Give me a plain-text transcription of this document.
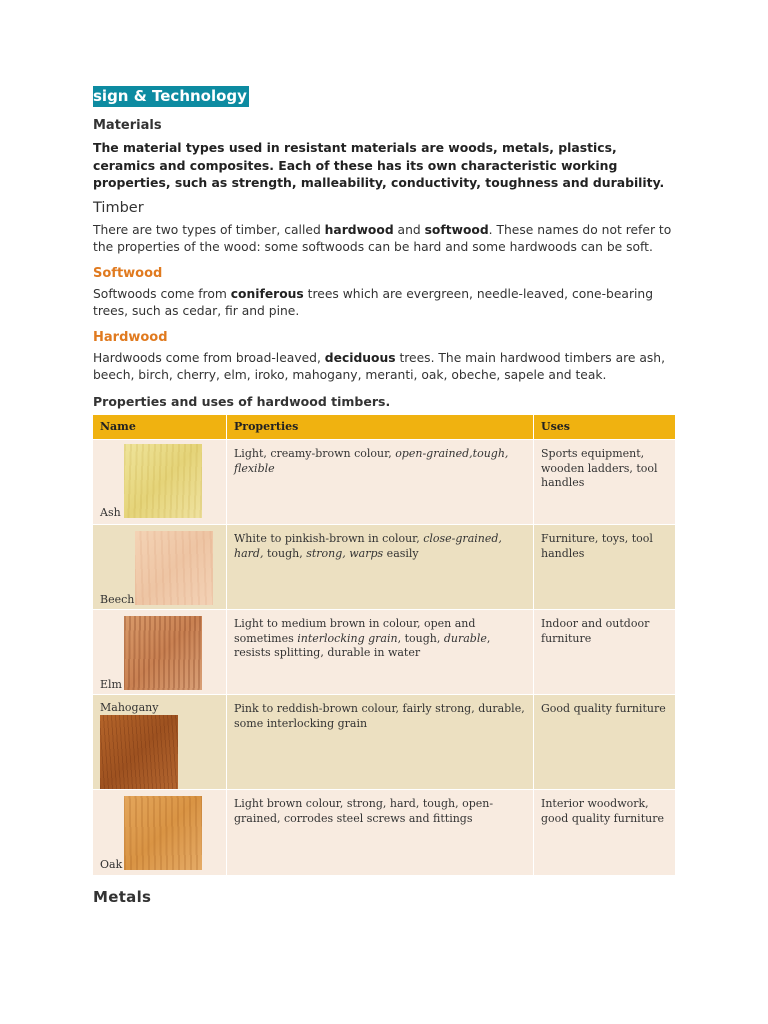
sign & Technology
Materials
The material types used in resistant materials are woods, metals, plastics, ceramics and composites. Each of these has its own characteristic working properties, such as strength, malleability, conductivity, toughness and durability.
Timber
There are two types of timber, called hardwood and softwood. These names do not refer to the properties of the wood: some softwoods can be hard and some hardwoods can be soft.
Softwood
Softwoods come from coniferous trees which are evergreen, needle-leaved, cone-bearing trees, such as cedar, fir and pine.
Hardwood
Hardwoods come from broad-leaved, deciduous trees. The main hardwood timbers are ash, beech, birch, cherry, elm, iroko, mahogany, meranti, oak, obeche, sapele and teak.
Properties and uses of hardwood timbers.
Name	Properties	Uses

Ash	Light, creamy-brown colour, open-grained,tough, flexible	Sports equipment, wooden ladders, tool handles

Beech	White to pinkish-brown in colour, close-grained, hard, tough, strong, warps easily	Furniture, toys, tool handles

Elm	Light to medium brown in colour, open and sometimes interlocking grain, tough, durable, resists splitting, durable in water	Indoor and outdoor furniture

Mahogany	Pink to reddish-brown colour, fairly strong, durable, some interlocking grain	Good quality furniture

Oak	Light brown colour, strong, hard, tough, open-grained, corrodes steel screws and fittings	Interior woodwork, good quality furniture
Metals
